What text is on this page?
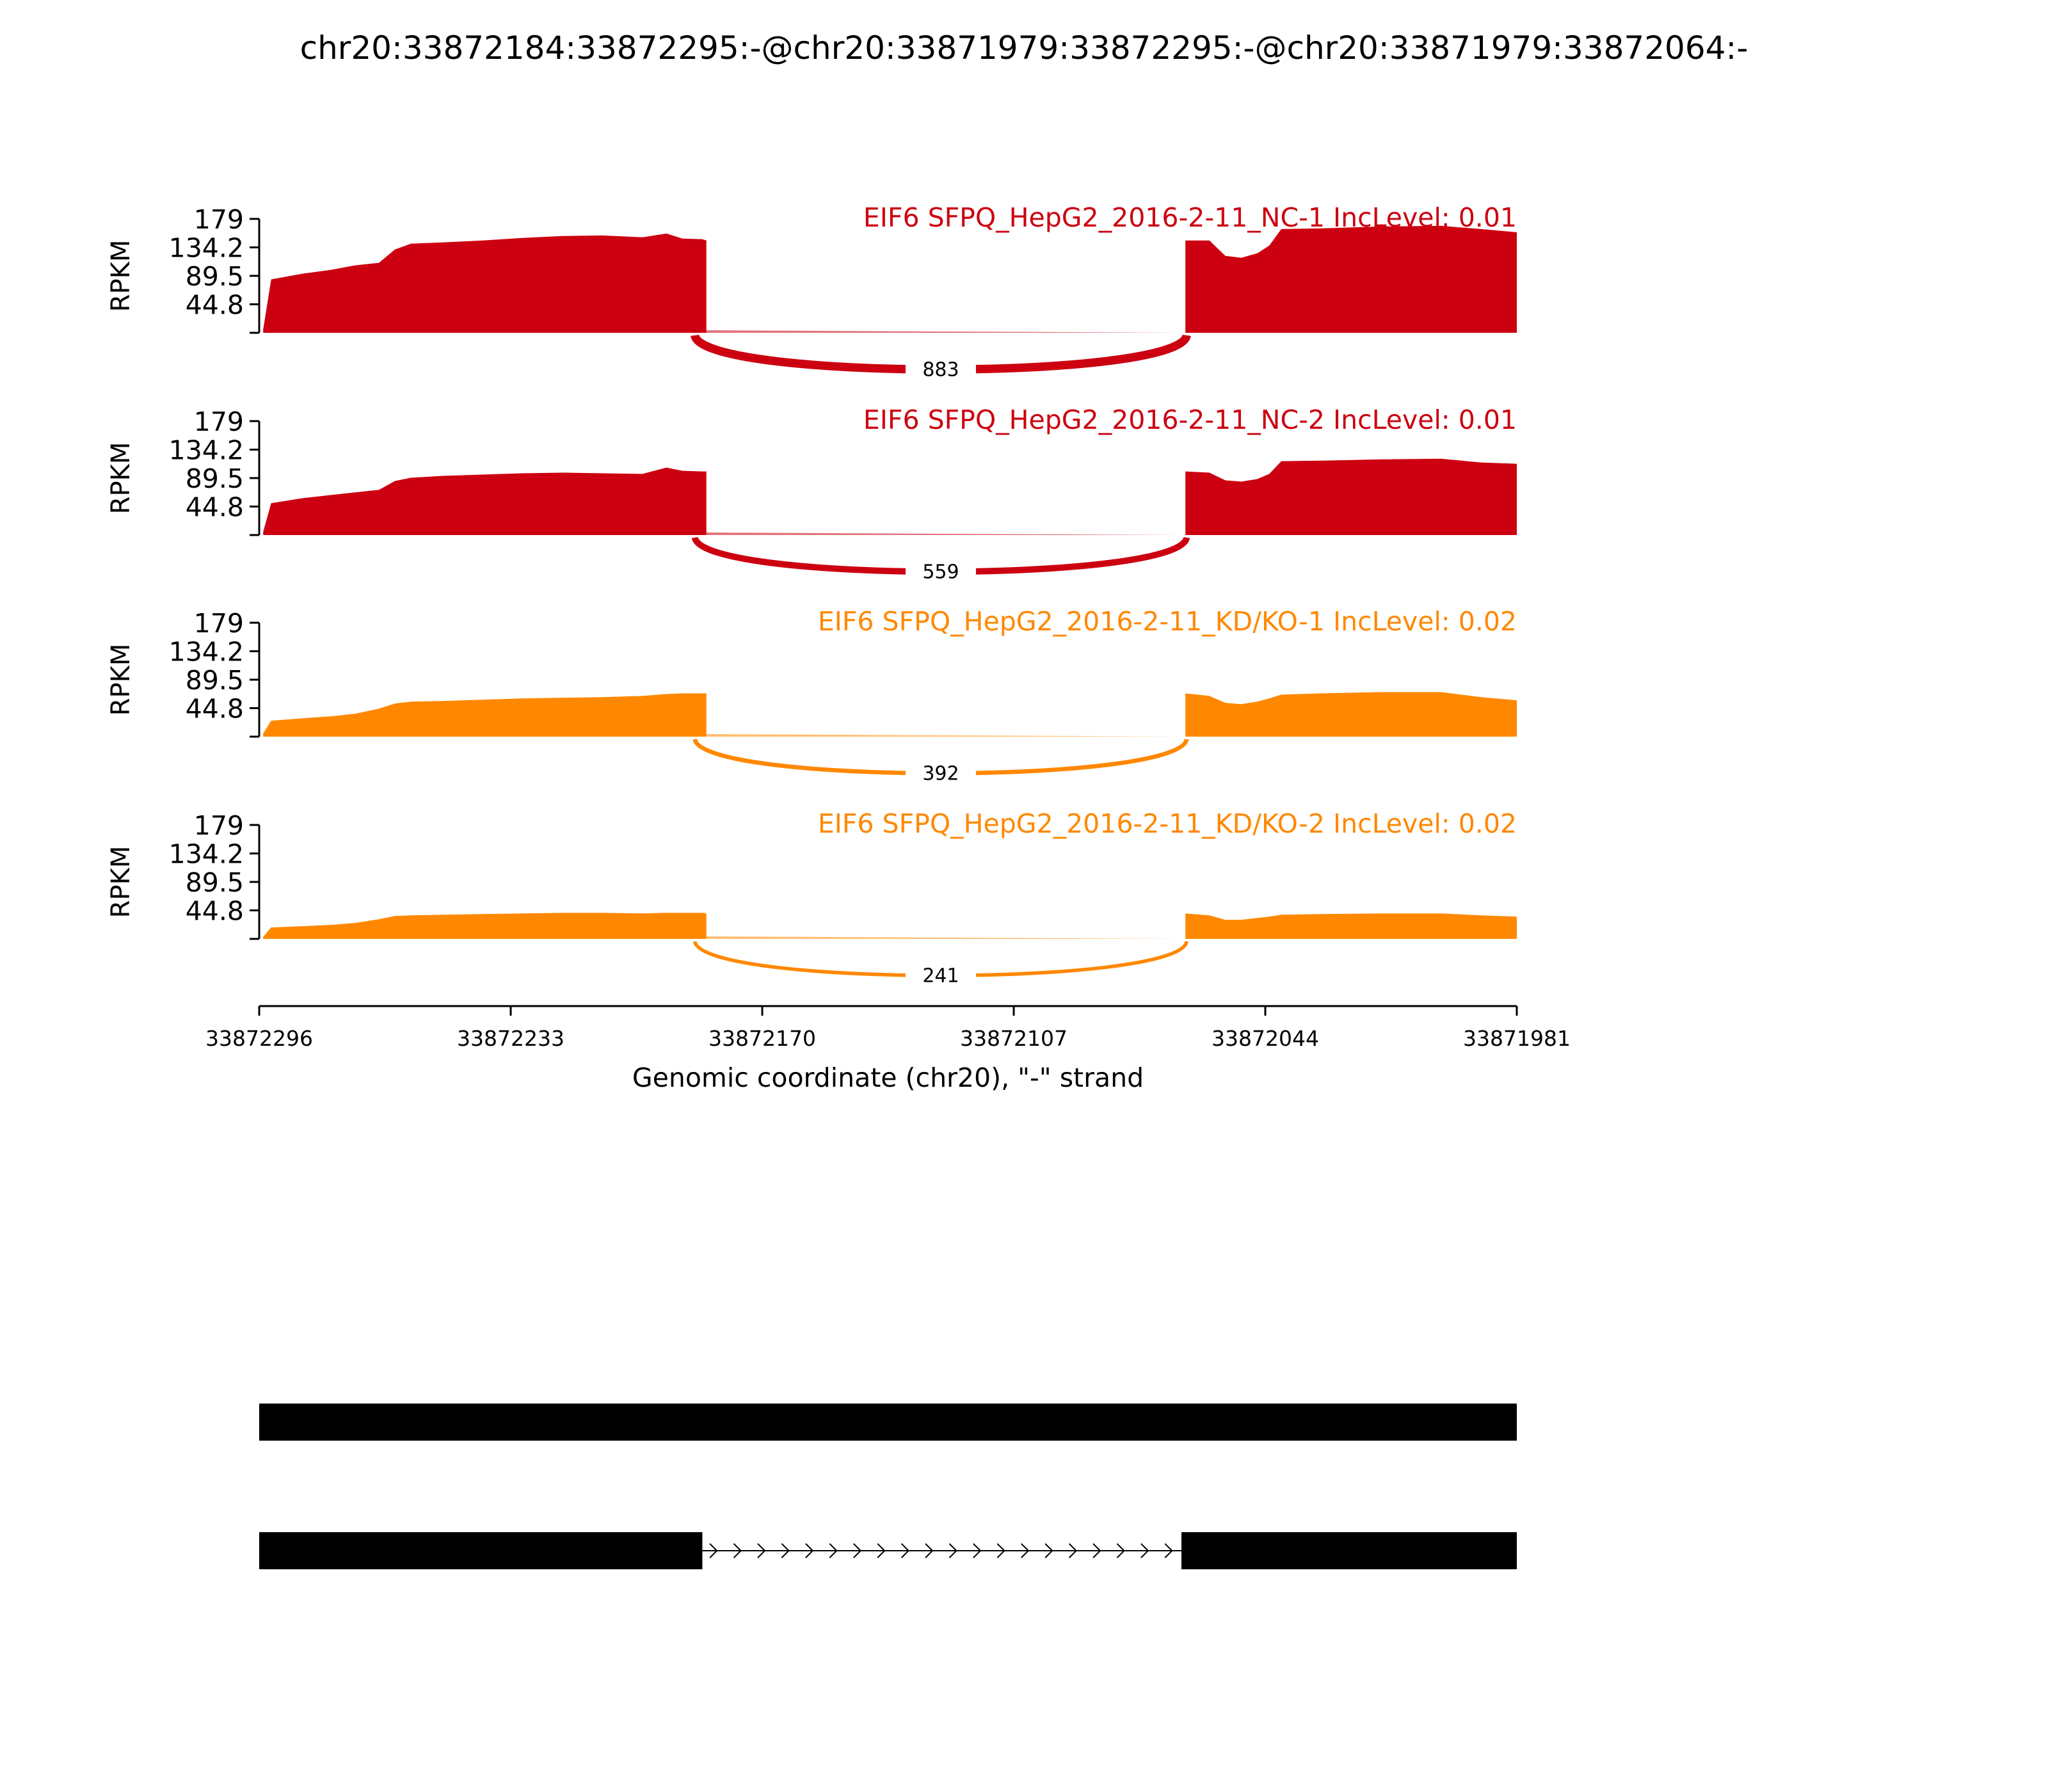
chr20:33872184:33872295:-@chr20:33871979:33872295:-@chr20:33871979:33872064:-
179
134.2
89.5
44.8
RPKM
883
EIF6 SFPQ_HepG2_2016-2-11_NC-1 IncLevel: 0.01
179
134.2
89.5
44.8
RPKM
559
EIF6 SFPQ_HepG2_2016-2-11_NC-2 IncLevel: 0.01
179
134.2
89.5
44.8
RPKM
392
EIF6 SFPQ_HepG2_2016-2-11_KD/KO-1 IncLevel: 0.02
179
134.2
89.5
44.8
RPKM
241
EIF6 SFPQ_HepG2_2016-2-11_KD/KO-2 IncLevel: 0.02
33872296	33872233	33872170	33872107	33872044	33871981
Genomic coordinate (chr20), "-" strand
